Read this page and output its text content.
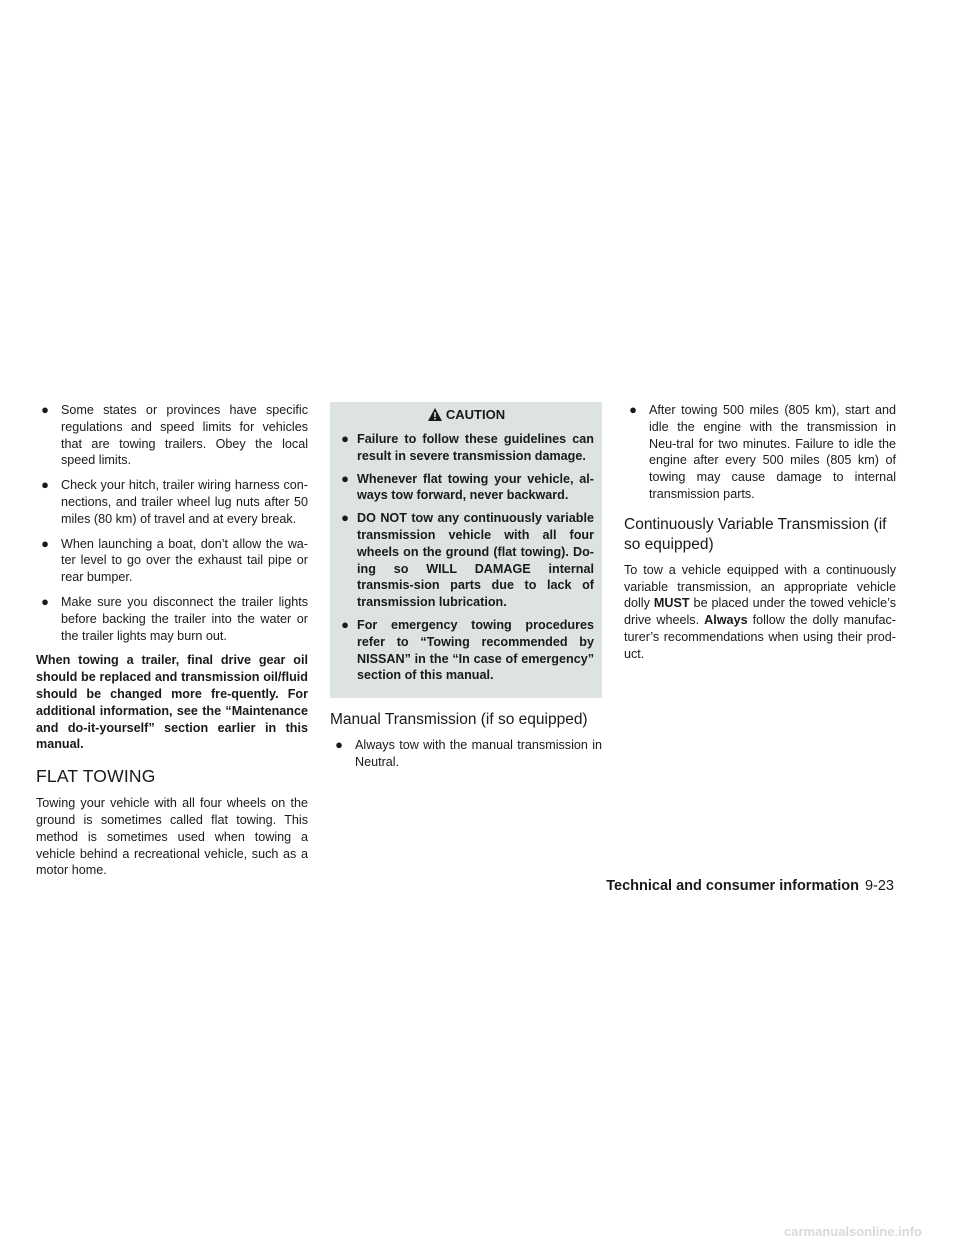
● Some states or provinces have specific regulations and speed limits for vehicles that are towing trailers. Obey the local speed limits.
● Check your hitch, trailer wiring harness con-nections, and trailer wheel lug nuts after 50 miles (80 km) of travel and at every break.
● When launching a boat, don’t allow the wa-ter level to go over the exhaust tail pipe or rear bumper.
● Make sure you disconnect the trailer lights before backing the trailer into the water or the trailer lights may burn out.

When towing a trailer, final drive gear oil should be replaced and transmission oil/fluid should be changed more fre-quently. For additional information, see the “Maintenance and do-it-yourself” section earlier in this manual.

FLAT TOWING

Towing your vehicle with all four wheels on the ground is sometimes called flat towing. This method is sometimes used when towing a vehicle behind a recreational vehicle, such as a motor home.

CAUTION
● Failure to follow these guidelines can result in severe transmission damage.
● Whenever flat towing your vehicle, al-ways tow forward, never backward.
● DO NOT tow any continuously variable transmission vehicle with all four wheels on the ground (flat towing). Do-ing so WILL DAMAGE internal transmis-sion parts due to lack of transmission lubrication.
● For emergency towing procedures refer to “Towing recommended by NISSAN” in the “In case of emergency” section of this manual.
Manual Transmission (if so equipped)
● Always tow with the manual transmission in Neutral.
● After towing 500 miles (805 km), start and idle the engine with the transmission in Neu-tral for two minutes. Failure to idle the engine after every 500 miles (805 km) of towing may cause damage to internal transmission parts.
Continuously Variable Transmission (if so equipped)

To tow a vehicle equipped with a continuously variable transmission, an appropriate vehicle dolly MUST be placed under the towed vehicle’s drive wheels. Always follow the dolly manufac-turer’s recommendations when using their prod-uct.

Technical and consumer information 9-23
carmanualsonline.info
